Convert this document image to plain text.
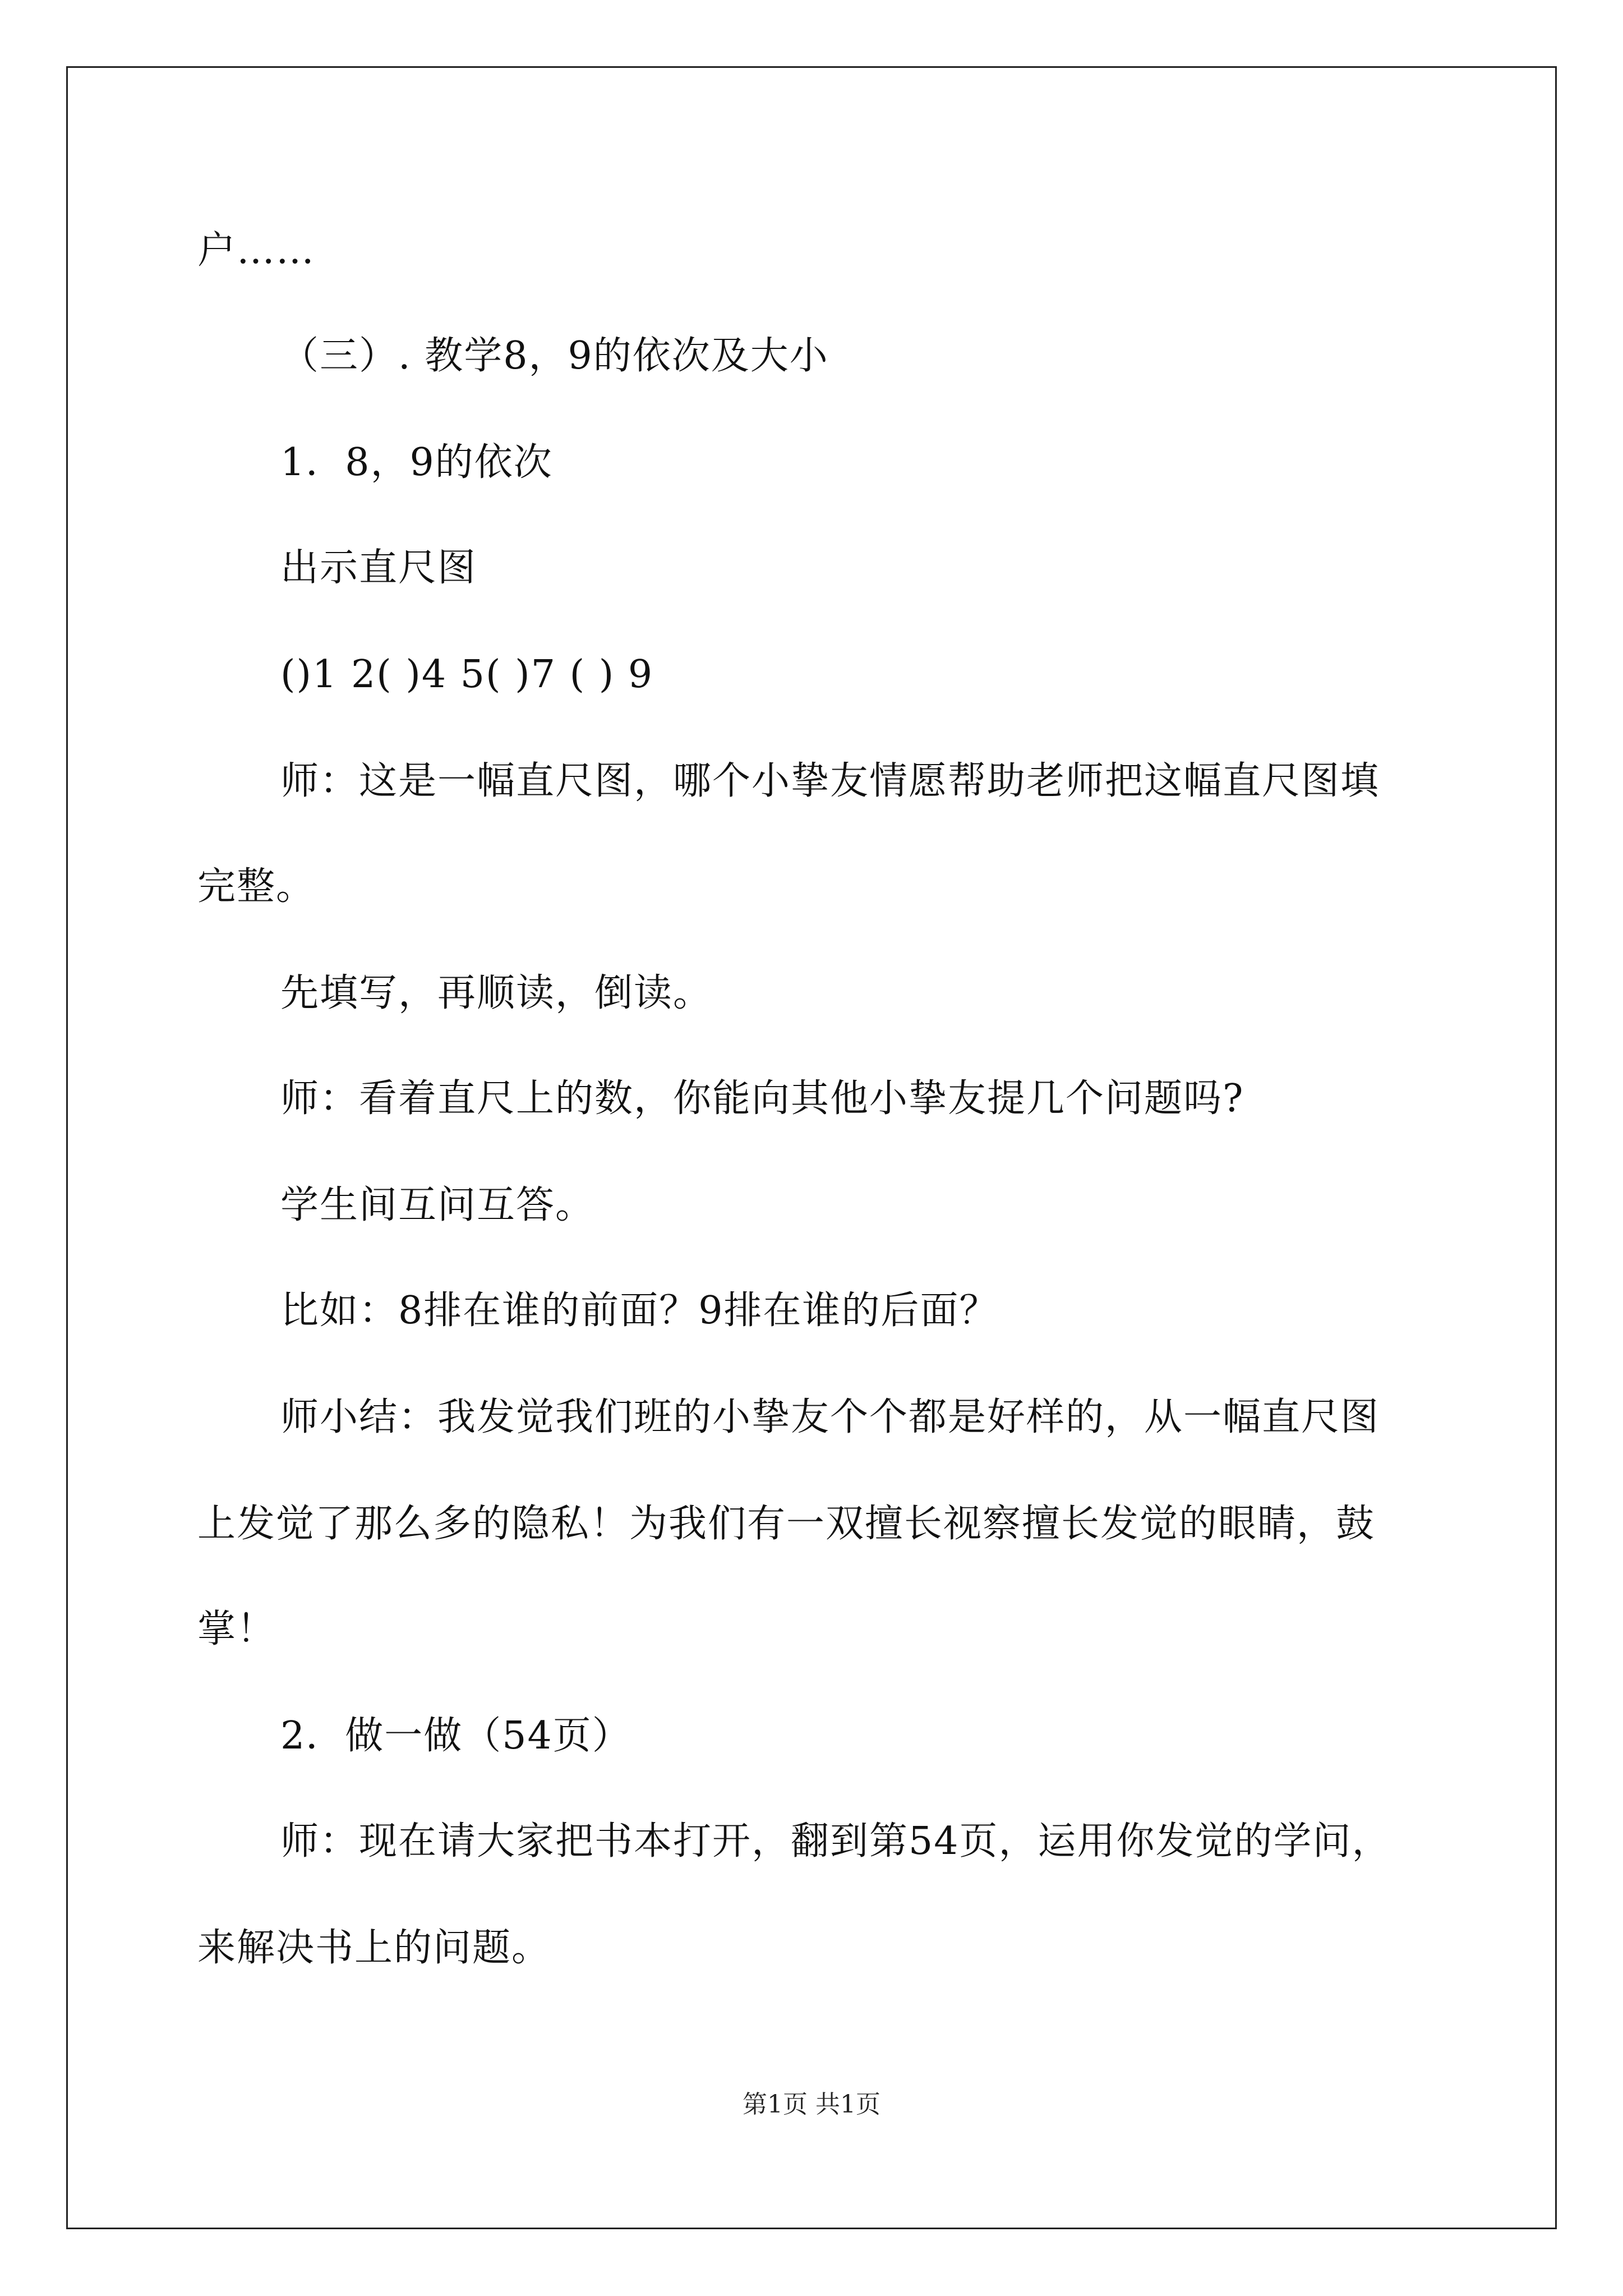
户……
（三）. 教学8，9的依次及大小
1．8，9的依次
出示直尺图
()1 2( )4 5( )7 ( ) 9
师：这是一幅直尺图，哪个小挚友情愿帮助老师把这幅直尺图填
完整。
先填写，再顺读，倒读。
师：看着直尺上的数，你能向其他小挚友提几个问题吗?
学生间互问互答。
比如：8排在谁的前面？9排在谁的后面？
师小结：我发觉我们班的小挚友个个都是好样的，从一幅直尺图
上发觉了那么多的隐私！为我们有一双擅长视察擅长发觉的眼睛，鼓
掌！
2．做一做（54页）
师：现在请大家把书本打开，翻到第54页，运用你发觉的学问，
来解决书上的问题。
第1页 共1页
